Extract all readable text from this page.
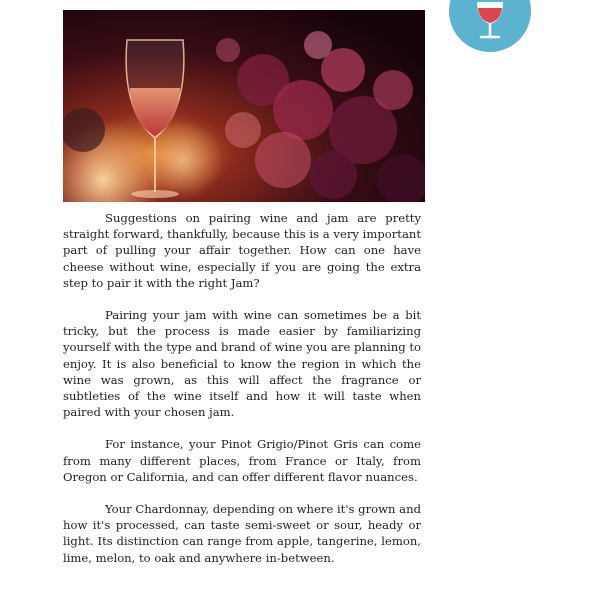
Suggestions on pairing wine and jam are pretty straight forward, thankfully, because this is a very important part of pulling your affair together. How can one have cheese without wine, especially if you are going the extra step to pair it with the right Jam?

Pairing your jam with wine can sometimes be a bit tricky, but the process is made easier by familiarizing yourself with the type and brand of wine you are planning to enjoy. It is also beneficial to know the region in which the wine was grown, as this will affect the fragrance or subtleties of the wine itself and how it will taste when paired with your chosen jam.

For instance, your Pinot Grigio/Pinot Gris can come from many different places, from France or Italy, from Oregon or California, and can offer different flavor nuances.

Your Chardonnay, depending on where it's grown and how it's processed, can taste semi-sweet or sour, heady or light. Its distinction can range from apple, tangerine, lemon, lime, melon, to oak and anywhere in-between.
